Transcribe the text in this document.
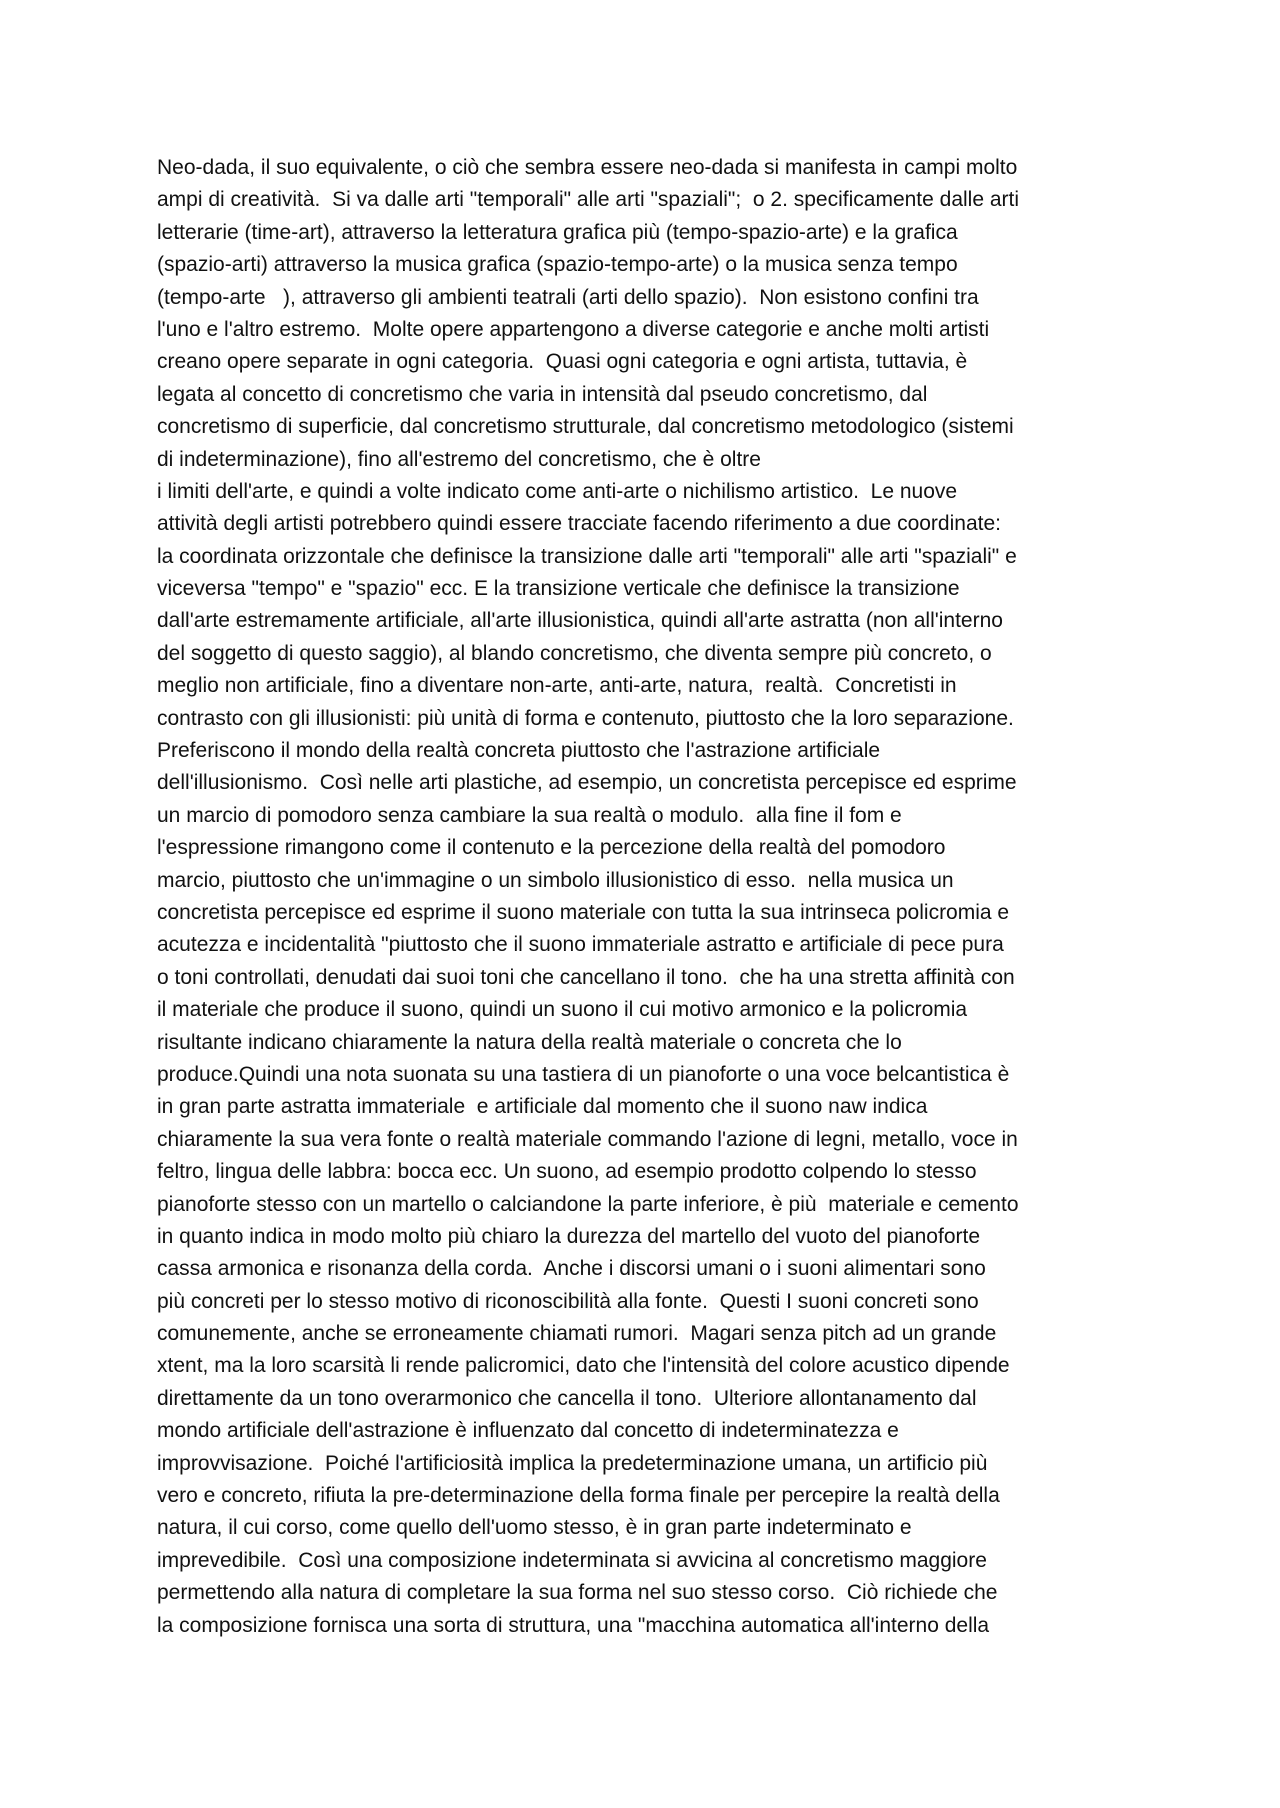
Neo-dada, il suo equivalente, o ciò che sembra essere neo-dada si manifesta in campi molto
ampi di creatività.  Si va dalle arti "temporali" alle arti "spaziali";  o 2. specificamente dalle arti
letterarie (time-art), attraverso la letteratura grafica più (tempo-spazio-arte) e la grafica
(spazio-arti) attraverso la musica grafica (spazio-tempo-arte) o la musica senza tempo
(tempo-arte   ), attraverso gli ambienti teatrali (arti dello spazio).  Non esistono confini tra
l'uno e l'altro estremo.  Molte opere appartengono a diverse categorie e anche molti artisti
creano opere separate in ogni categoria.  Quasi ogni categoria e ogni artista, tuttavia, è
legata al concetto di concretismo che varia in intensità dal pseudo concretismo, dal
concretismo di superficie, dal concretismo strutturale, dal concretismo metodologico (sistemi
di indeterminazione), fino all'estremo del concretismo, che è oltre
i limiti dell'arte, e quindi a volte indicato come anti-arte o nichilismo artistico.  Le nuove
attività degli artisti potrebbero quindi essere tracciate facendo riferimento a due coordinate:
la coordinata orizzontale che definisce la transizione dalle arti "temporali" alle arti "spaziali" e
viceversa "tempo" e "spazio" ecc. E la transizione verticale che definisce la transizione
dall'arte estremamente artificiale, all'arte illusionistica, quindi all'arte astratta (non all'interno
del soggetto di questo saggio), al blando concretismo, che diventa sempre più concreto, o
meglio non artificiale, fino a diventare non-arte, anti-arte, natura,  realtà.  Concretisti in
contrasto con gli illusionisti: più unità di forma e contenuto, piuttosto che la loro separazione.
Preferiscono il mondo della realtà concreta piuttosto che l'astrazione artificiale
dell'illusionismo.  Così nelle arti plastiche, ad esempio, un concretista percepisce ed esprime
un marcio di pomodoro senza cambiare la sua realtà o modulo.  alla fine il fom e
l'espressione rimangono come il contenuto e la percezione della realtà del pomodoro
marcio, piuttosto che un'immagine o un simbolo illusionistico di esso.  nella musica un
concretista percepisce ed esprime il suono materiale con tutta la sua intrinseca policromia e
acutezza e incidentalità "piuttosto che il suono immateriale astratto e artificiale di pece pura
o toni controllati, denudati dai suoi toni che cancellano il tono.  che ha una stretta affinità con
il materiale che produce il suono, quindi un suono il cui motivo armonico e la policromia
risultante indicano chiaramente la natura della realtà materiale o concreta che lo
produce.Quindi una nota suonata su una tastiera di un pianoforte o una voce belcantistica è
in gran parte astratta immateriale  e artificiale dal momento che il suono naw indica
chiaramente la sua vera fonte o realtà materiale commando l'azione di legni, metallo, voce in
feltro, lingua delle labbra: bocca ecc. Un suono, ad esempio prodotto colpendo lo stesso
pianoforte stesso con un martello o calciandone la parte inferiore, è più  materiale e cemento
in quanto indica in modo molto più chiaro la durezza del martello del vuoto del pianoforte
cassa armonica e risonanza della corda.  Anche i discorsi umani o i suoni alimentari sono
più concreti per lo stesso motivo di riconoscibilità alla fonte.  Questi I suoni concreti sono
comunemente, anche se erroneamente chiamati rumori.  Magari senza pitch ad un grande
xtent, ma la loro scarsità li rende palicromici, dato che l'intensità del colore acustico dipende
direttamente da un tono overarmonico che cancella il tono.  Ulteriore allontanamento dal
mondo artificiale dell'astrazione è influenzato dal concetto di indeterminatezza e
improvvisazione.  Poiché l'artificiosità implica la predeterminazione umana, un artificio più
vero e concreto, rifiuta la pre-determinazione della forma finale per percepire la realtà della
natura, il cui corso, come quello dell'uomo stesso, è in gran parte indeterminato e
imprevedibile.  Così una composizione indeterminata si avvicina al concretismo maggiore
permettendo alla natura di completare la sua forma nel suo stesso corso.  Ciò richiede che
la composizione fornisca una sorta di struttura, una "macchina automatica all'interno della
